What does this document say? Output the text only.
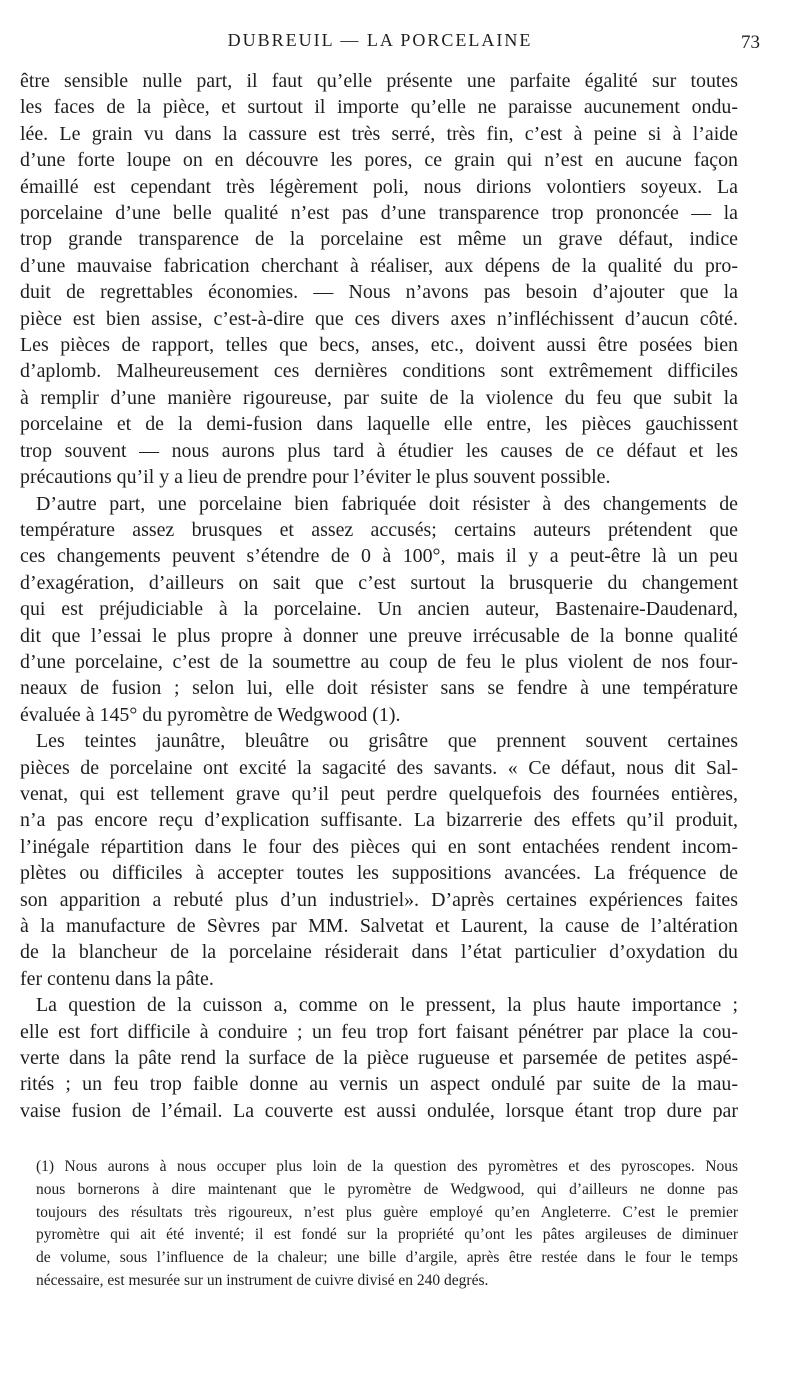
DUBREUIL — LA PORCELAINE	73
être sensible nulle part, il faut qu’elle présente une parfaite égalité sur toutes
les faces de la pièce, et surtout il importe qu’elle ne paraisse aucunement ondu-
lée. Le grain vu dans la cassure est très serré, très fin, c’est à peine si à l’aide
d’une forte loupe on en découvre les pores, ce grain qui n’est en aucune façon
émaillé est cependant très légèrement poli, nous dirions volontiers soyeux. La
porcelaine d’une belle qualité n’est pas d’une transparence trop prononcée — la
trop grande transparence de la porcelaine est même un grave défaut, indice
d’une mauvaise fabrication cherchant à réaliser, aux dépens de la qualité du pro-
duit de regrettables économies. — Nous n’avons pas besoin d’ajouter que la
pièce est bien assise, c’est-à-dire que ces divers axes n’infléchissent d’aucun côté.
Les pièces de rapport, telles que becs, anses, etc., doivent aussi être posées bien
d’aplomb. Malheureusement ces dernières conditions sont extrêmement difficiles
à remplir d’une manière rigoureuse, par suite de la violence du feu que subit la
porcelaine et de la demi-fusion dans laquelle elle entre, les pièces gauchissent
trop souvent — nous aurons plus tard à étudier les causes de ce défaut et les
précautions qu’il y a lieu de prendre pour l’éviter le plus souvent possible.
D’autre part, une porcelaine bien fabriquée doit résister à des changements de
température assez brusques et assez accusés; certains auteurs prétendent que
ces changements peuvent s’étendre de 0 à 100°, mais il y a peut-être là un peu
d’exagération, d’ailleurs on sait que c’est surtout la brusquerie du changement
qui est préjudiciable à la porcelaine. Un ancien auteur, Bastenaire-Daudenard,
dit que l’essai le plus propre à donner une preuve irrécusable de la bonne qualité
d’une porcelaine, c’est de la soumettre au coup de feu le plus violent de nos four-
neaux de fusion ; selon lui, elle doit résister sans se fendre à une température
évaluée à 145° du pyromètre de Wedgwood (1).
Les teintes jaunâtre, bleuâtre ou grisâtre que prennent souvent certaines
pièces de porcelaine ont excité la sagacité des savants. « Ce défaut, nous dit Sal-
venat, qui est tellement grave qu’il peut perdre quelquefois des fournées entières,
n’a pas encore reçu d’explication suffisante. La bizarrerie des effets qu’il produit,
l’inégale répartition dans le four des pièces qui en sont entachées rendent incom-
plètes ou difficiles à accepter toutes les suppositions avancées. La fréquence de
son apparition a rebuté plus d’un industriel». D’après certaines expériences faites
à la manufacture de Sèvres par MM. Salvetat et Laurent, la cause de l’altération
de la blancheur de la porcelaine résiderait dans l’état particulier d’oxydation du
fer contenu dans la pâte.
La question de la cuisson a, comme on le pressent, la plus haute importance ;
elle est fort difficile à conduire ; un feu trop fort faisant pénétrer par place la cou-
verte dans la pâte rend la surface de la pièce rugueuse et parsemée de petites aspé-
rités ; un feu trop faible donne au vernis un aspect ondulé par suite de la mau-
vaise fusion de l’émail. La couverte est aussi ondulée, lorsque étant trop dure par
(1) Nous aurons à nous occuper plus loin de la question des pyromètres et des pyroscopes. Nous
nous bornerons à dire maintenant que le pyromètre de Wedgwood, qui d’ailleurs ne donne pas
toujours des résultats très rigoureux, n’est plus guère employé qu’en Angleterre. C’est le premier
pyromètre qui ait été inventé; il est fondé sur la propriété qu’ont les pâtes argileuses de diminuer
de volume, sous l’influence de la chaleur; une bille d’argile, après être restée dans le four le temps
nécessaire, est mesurée sur un instrument de cuivre divisé en 240 degrés.
